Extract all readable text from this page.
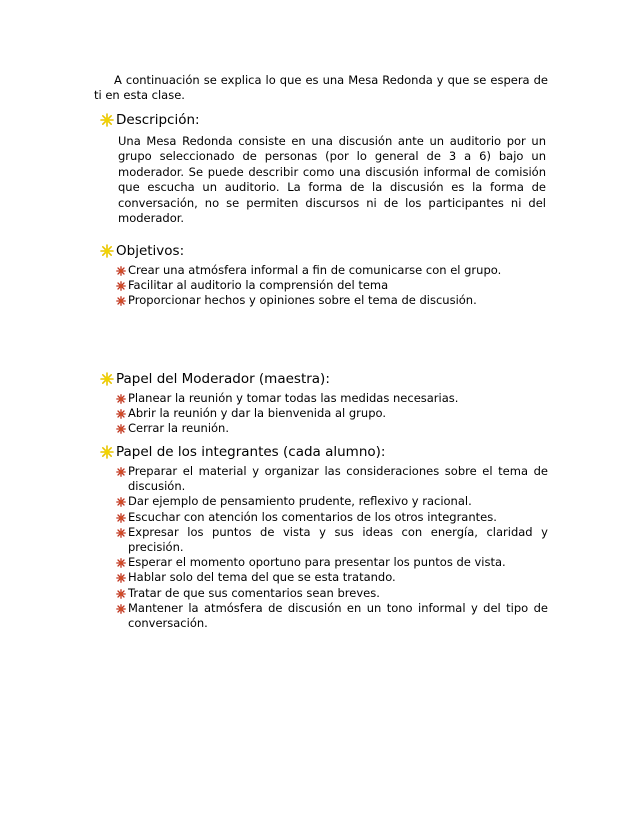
A continuación se explica lo que es una Mesa Redonda y que se espera de ti en esta clase.
Descripción:
Una Mesa Redonda consiste en una discusión ante un auditorio por un grupo seleccionado de personas (por lo general de 3 a 6) bajo un moderador. Se puede describir como una discusión informal de comisión que escucha un auditorio. La forma de la discusión es la forma de conversación, no se permiten discursos ni de los participantes ni del moderador.
Objetivos:
Crear una atmósfera informal a fin de comunicarse con el grupo.
Facilitar al auditorio la comprensión del tema
Proporcionar hechos y opiniones sobre el tema de discusión.
Papel del Moderador (maestra):
Planear la reunión y tomar todas las medidas necesarias.
Abrir la reunión y dar la bienvenida al grupo.
Cerrar la reunión.
Papel de los integrantes (cada alumno):
Preparar el material y organizar las consideraciones sobre el tema de discusión.
Dar ejemplo de pensamiento prudente, reflexivo y racional.
Escuchar con atención los comentarios de los otros integrantes.
Expresar los puntos de vista y sus ideas con energía, claridad y precisión.
Esperar el momento oportuno para presentar los puntos de vista.
Hablar solo del tema del que se esta tratando.
Tratar de que sus comentarios sean breves.
Mantener la atmósfera de discusión en un tono informal y del tipo de conversación.
